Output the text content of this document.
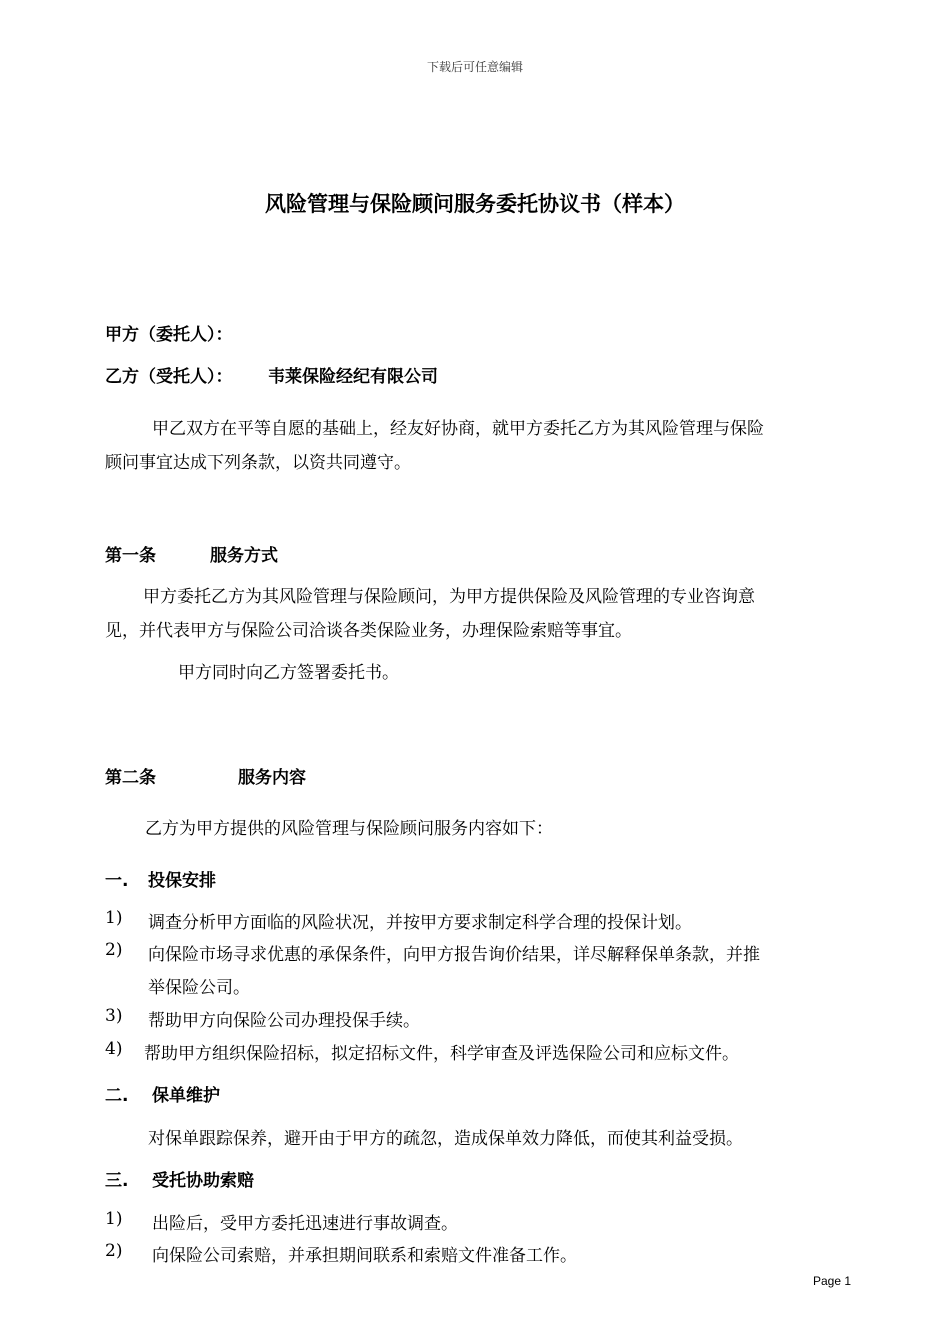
下载后可任意编辑
风险管理与保险顾问服务委托协议书（样本）
甲方（委托人）：
乙方（受托人）： 韦莱保险经纪有限公司
甲乙双方在平等自愿的基础上，经友好协商，就甲方委托乙方为其风险管理与保险
顾问事宜达成下列条款，以资共同遵守。
第一条	服务方式
甲方委托乙方为其风险管理与保险顾问，为甲方提供保险及风险管理的专业咨询意
见，并代表甲方与保险公司洽谈各类保险业务，办理保险索赔等事宜。
甲方同时向乙方签署委托书。
第二条	服务内容
乙方为甲方提供的风险管理与保险顾问服务内容如下：
一. 投保安排
1) 调查分析甲方面临的风险状况，并按甲方要求制定科学合理的投保计划。
2) 向保险市场寻求优惠的承保条件，向甲方报告询价结果，详尽解释保单条款，并推
举保险公司。
3) 帮助甲方向保险公司办理投保手续。
4) 帮助甲方组织保险招标，拟定招标文件，科学审查及评选保险公司和应标文件。
二. 保单维护
对保单跟踪保养，避开由于甲方的疏忽，造成保单效力降低，而使其利益受损。
三. 受托协助索赔
1) 出险后，受甲方委托迅速进行事故调查。
2) 向保险公司索赔，并承担期间联系和索赔文件准备工作。
Page 1
